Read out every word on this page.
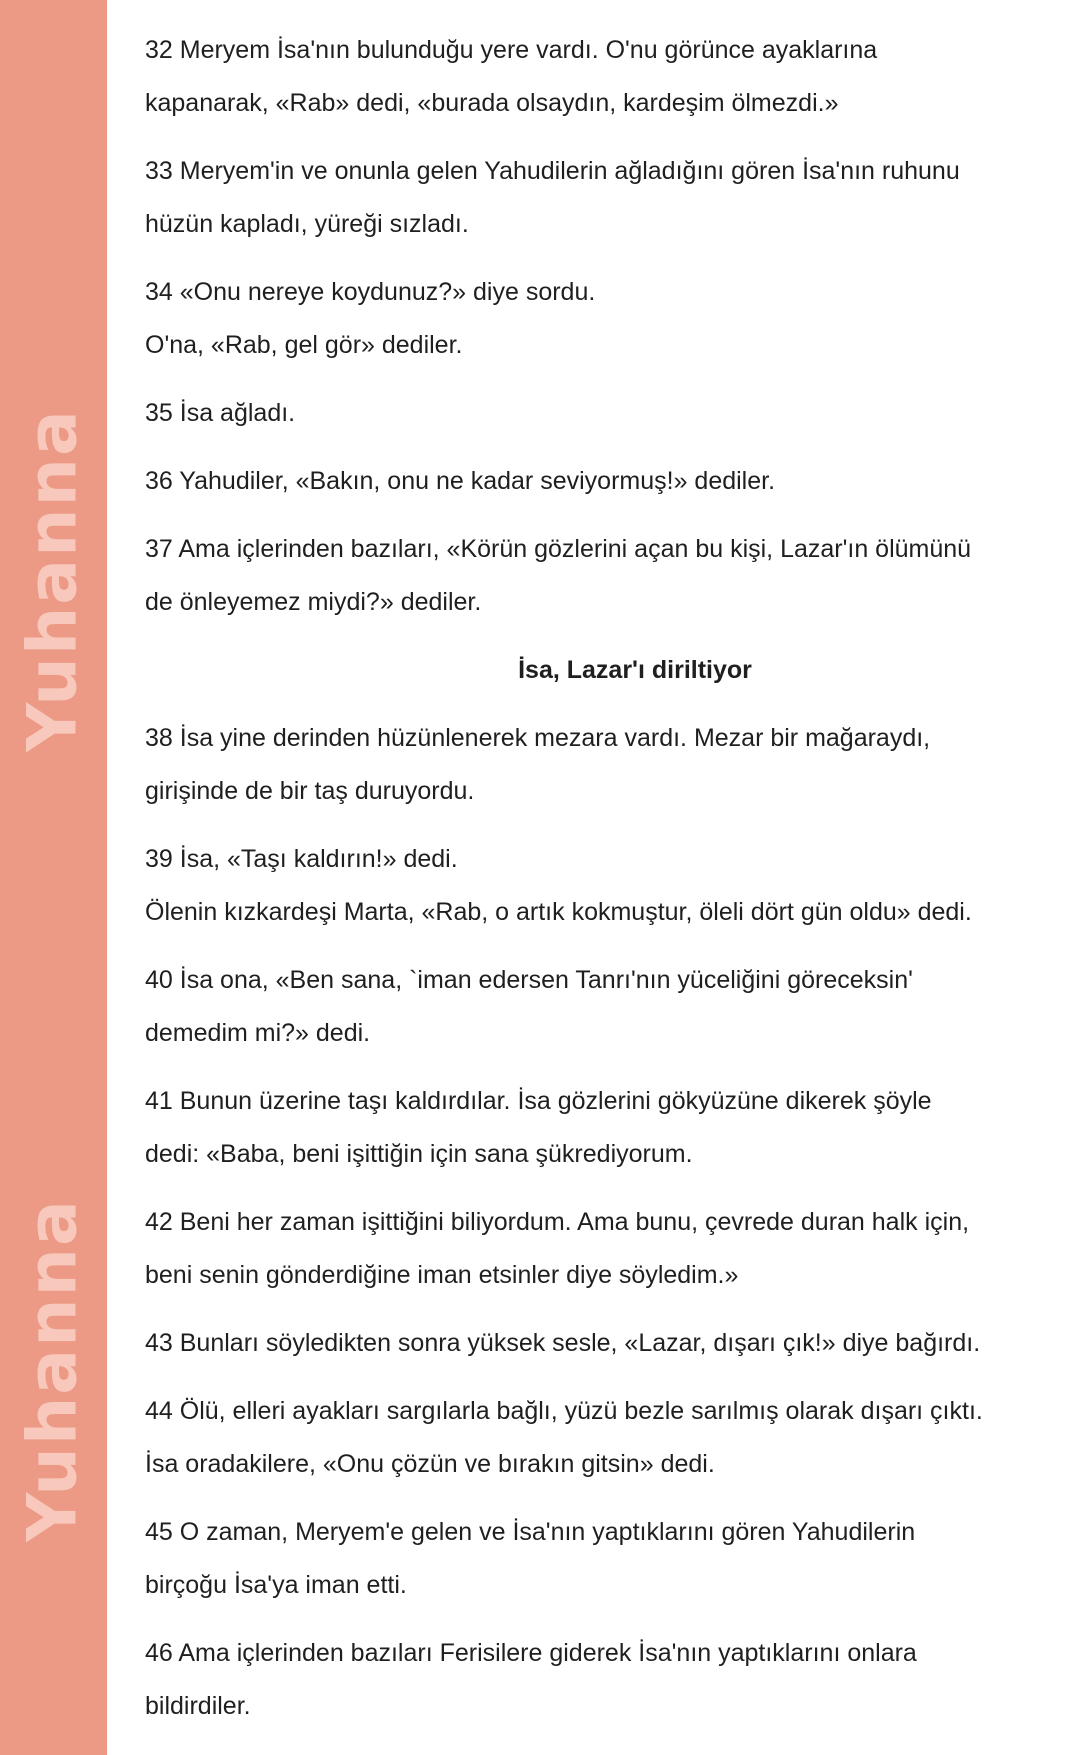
Yuhanna
Yuhanna
32 Meryem İsa'nın bulunduğu yere vardı. O'nu görünce ayaklarına
kapanarak, «Rab» dedi, «burada olsaydın, kardeşim ölmezdi.»
33 Meryem'in ve onunla gelen Yahudilerin ağladığını gören İsa'nın ruhunu
hüzün kapladı, yüreği sızladı.
34 «Onu nereye koydunuz?» diye sordu.
O'na, «Rab, gel gör» dediler.
35 İsa ağladı.
36 Yahudiler, «Bakın, onu ne kadar seviyormuş!» dediler.
37 Ama içlerinden bazıları, «Körün gözlerini açan bu kişi, Lazar'ın ölümünü
de önleyemez miydi?» dediler.
İsa, Lazar'ı diriltiyor
38 İsa yine derinden hüzünlenerek mezara vardı. Mezar bir mağaraydı,
girişinde de bir taş duruyordu.
39 İsa, «Taşı kaldırın!» dedi.
Ölenin kızkardeşi Marta, «Rab, o artık kokmuştur, öleli dört gün oldu» dedi.
40 İsa ona, «Ben sana, `iman edersen Tanrı'nın yüceliğini göreceksin'
demedim mi?» dedi.
41 Bunun üzerine taşı kaldırdılar. İsa gözlerini gökyüzüne dikerek şöyle
dedi: «Baba, beni işittiğin için sana şükrediyorum.
42 Beni her zaman işittiğini biliyordum. Ama bunu, çevrede duran halk için,
beni senin gönderdiğine iman etsinler diye söyledim.»
43 Bunları söyledikten sonra yüksek sesle, «Lazar, dışarı çık!» diye bağırdı.
44 Ölü, elleri ayakları sargılarla bağlı, yüzü bezle sarılmış olarak dışarı çıktı.
İsa oradakilere, «Onu çözün ve bırakın gitsin» dedi.
45 O zaman, Meryem'e gelen ve İsa'nın yaptıklarını gören Yahudilerin
birçoğu İsa'ya iman etti.
46 Ama içlerinden bazıları Ferisilere giderek İsa'nın yaptıklarını onlara
bildirdiler.
